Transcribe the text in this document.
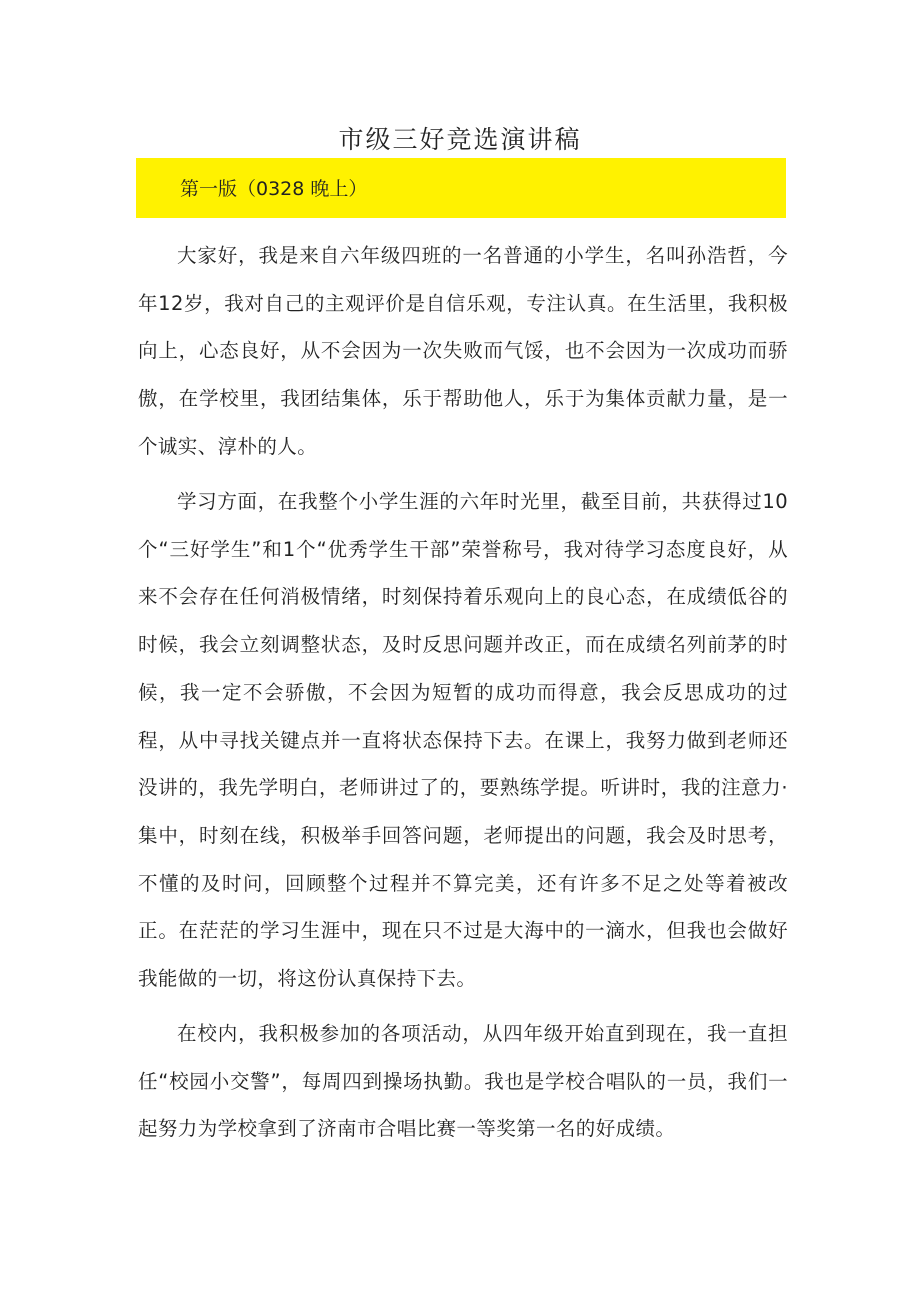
市级三好竞选演讲稿
第一版（0328 晚上）

大家好，我是来自六年级四班的一名普通的小学生，名叫孙浩哲，今年12岁，我对自己的主观评价是自信乐观，专注认真。在生活里，我积极向上，心态良好，从不会因为一次失败而气馁，也不会因为一次成功而骄傲，在学校里，我团结集体，乐于帮助他人，乐于为集体贡献力量，是一个诚实、淳朴的人。

学习方面，在我整个小学生涯的六年时光里，截至目前，共获得过10个“三好学生”和1个“优秀学生干部”荣誉称号，我对待学习态度良好，从来不会存在任何消极情绪，时刻保持着乐观向上的良心态，在成绩低谷的时候，我会立刻调整状态，及时反思问题并改正，而在成绩名列前茅的时候，我一定不会骄傲，不会因为短暂的成功而得意，我会反思成功的过程，从中寻找关键点并一直将状态保持下去。在课上，我努力做到老师还没讲的，我先学明白，老师讲过了的，要熟练学提。听讲时，我的注意力·集中，时刻在线，积极举手回答问题，老师提出的问题，我会及时思考，不懂的及时问，回顾整个过程并不算完美，还有许多不足之处等着被改正。在茫茫的学习生涯中，现在只不过是大海中的一滴水，但我也会做好我能做的一切，将这份认真保持下去。

在校内，我积极参加的各项活动，从四年级开始直到现在，我一直担任“校园小交警”，每周四到操场执勤。我也是学校合唱队的一员，我们一起努力为学校拿到了济南市合唱比赛一等奖第一名的好成绩。
